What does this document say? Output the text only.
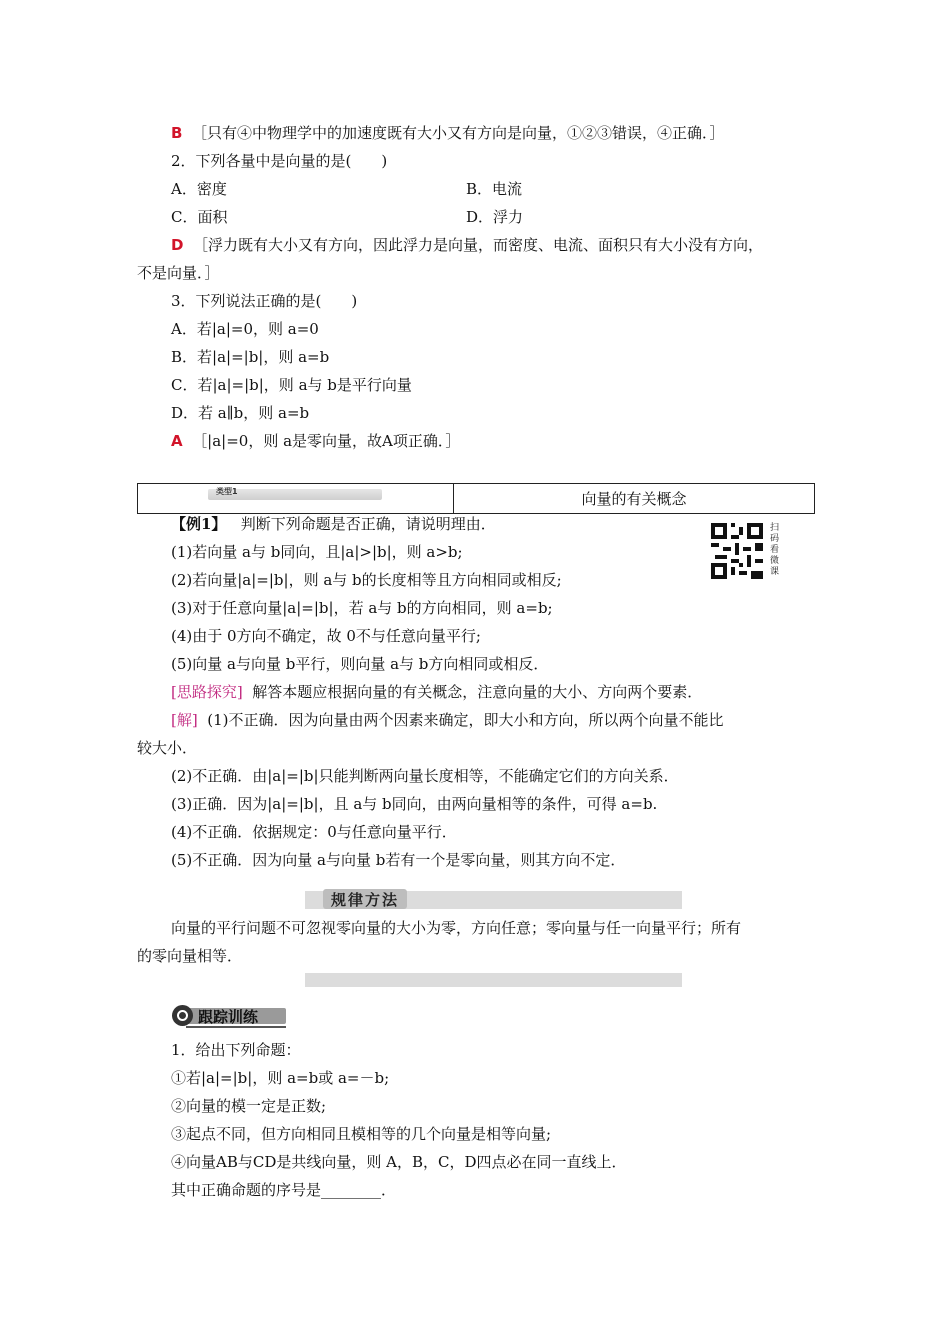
B ［只有④中物理学中的加速度既有大小又有方向是向量，①②③错误，④正确．］
2．下列各量中是向量的是(　　)
A．密度	B．电流
C．面积	D．浮力
D ［浮力既有大小又有方向，因此浮力是向量，而密度、电流、面积只有大小没有方向，
不是向量．］
3．下列说法正确的是(　　)
A．若|a|=0，则 a=0
B．若|a|=|b|，则 a=b
C．若|a|=|b|，则 a与 b是平行向量
D．若 a∥b，则 a=b
A ［|a|=0，则 a是零向量，故A项正确．］
类型1	向量的有关概念
扫码看微课
【例1】 判断下列命题是否正确，请说明理由．
(1)若向量 a与 b同向，且|a|>|b|，则 a>b;
(2)若向量|a|=|b|，则 a与 b的长度相等且方向相同或相反;
(3)对于任意向量|a|=|b|，若 a与 b的方向相同，则 a=b;
(4)由于 0方向不确定，故 0不与任意向量平行;
(5)向量 a与向量 b平行，则向量 a与 b方向相同或相反．
[思路探究] 解答本题应根据向量的有关概念，注意向量的大小、方向两个要素．
[解] (1)不正确．因为向量由两个因素来确定，即大小和方向，所以两个向量不能比
较大小．
(2)不正确．由|a|=|b|只能判断两向量长度相等，不能确定它们的方向关系．
(3)正确．因为|a|=|b|，且 a与 b同向，由两向量相等的条件，可得 a=b.
(4)不正确．依据规定：0与任意向量平行．
(5)不正确．因为向量 a与向量 b若有一个是零向量，则其方向不定．
规律方法
向量的平行问题不可忽视零向量的大小为零，方向任意；零向量与任一向量平行；所有
的零向量相等．
跟踪训练
1．给出下列命题：
①若|a|=|b|，则 a=b或 a=－b;
②向量的模一定是正数;
③起点不同，但方向相同且模相等的几个向量是相等向量;
④向量AB与CD是共线向量，则 A，B，C，D四点必在同一直线上．
其中正确命题的序号是________．
